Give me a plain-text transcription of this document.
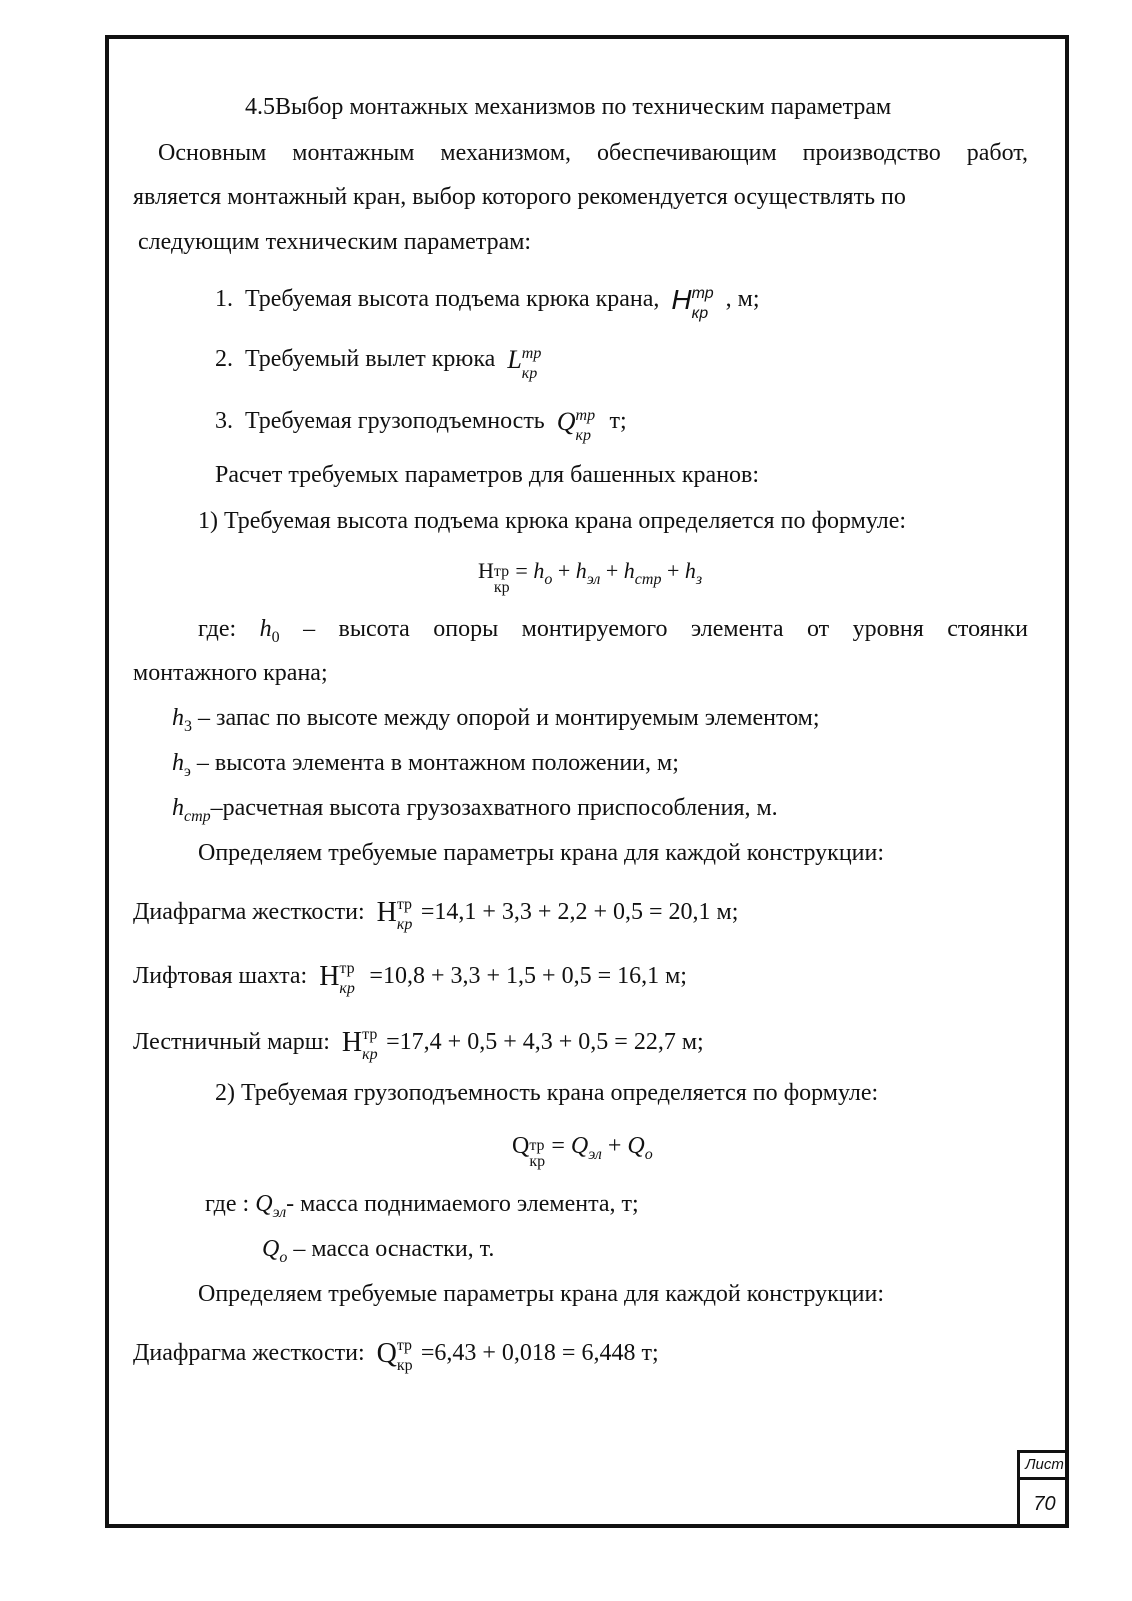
4.5Выбор монтажных механизмов по техническим параметрам
Основным монтажным механизмом, обеспечивающим производство работ,
является монтажный кран, выбор которого рекомендуется осуществлять по
следующим техническим параметрам:
1. Требуемая высота подъема крюка крана, H тр
кр
, м;
2. Требуемый вылет крюка L тр
кр
3. Требуемая грузоподъемность Q тр
кр
т;
Расчет требуемых параметров для башенных кранов:
1) Требуемая высота подъема крюка крана определяется по формуле:
H тр
кр
= $h_о + h_{эл} + h_{стр} + h_з$
где: $h_0$ – высота опоры монтируемого элемента от уровня стоянки
монтажного крана;
$h_3$ – запас по высоте между опорой и монтируемым элементом;
$h_э$ – высота элемента в монтажном положении, м;
$h_{стр}$–расчетная высота грузозахватного приспособления, м.
Определяем требуемые параметры крана для каждой конструкции:
Диафрагма жесткости: H тр
кр =14,1 + 3,3 + 2,2 + 0,5 = 20,1 м;
Лифтовая шахта: H тр
кр =10,8 + 3,3 + 1,5 + 0,5 = 16,1 м;
Лестничный марш: H тр
кр =17,4 + 0,5 + 4,3 + 0,5 = 22,7 м;
2) Требуемая грузоподъемность крана определяется по формуле:
Q тр
кр
= $Q_{эл} + Q_о$
где : $Q_{эл}-$ масса поднимаемого элемента, т;
$Q_о$ – масса оснастки, т.
Определяем требуемые параметры крана для каждой конструкции:
Диафрагма жесткости: Q тр
кр =6,43 + 0,018 = 6,448 т;
Лист
70
